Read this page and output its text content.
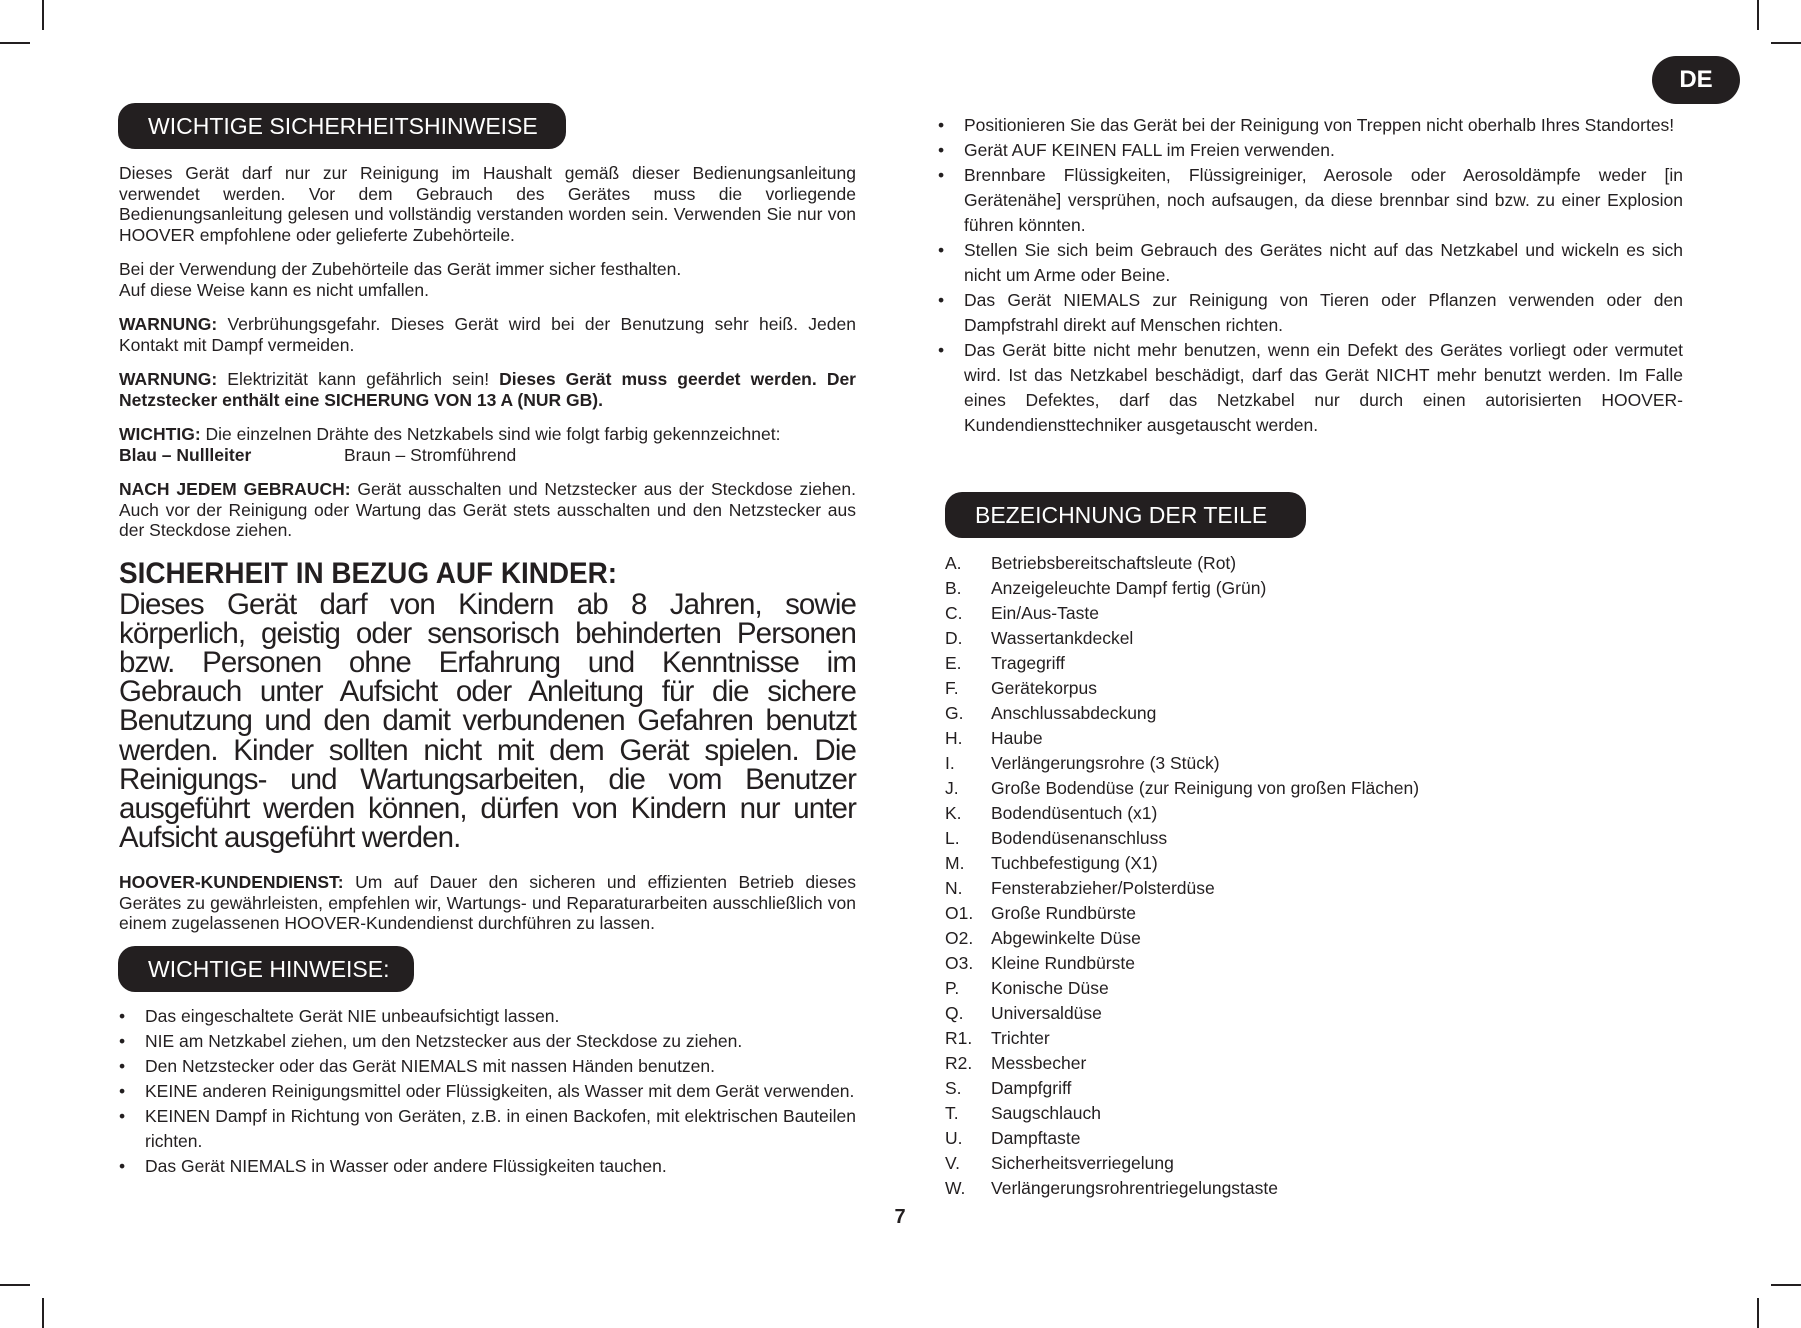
DE
WICHTIGE SICHERHEITSHINWEISE

Dieses Gerät darf nur zur Reinigung im Haushalt gemäß dieser Bedienungsanleitung verwendet werden. Vor dem Gebrauch des Gerätes muss die vorliegende Bedienungsanleitung gelesen und vollständig verstanden worden sein. Verwenden Sie nur von HOOVER empfohlene oder gelieferte Zubehörteile.

Bei der Verwendung der Zubehörteile das Gerät immer sicher festhalten.
Auf diese Weise kann es nicht umfallen.

WARNUNG: Verbrühungsgefahr. Dieses Gerät wird bei der Benutzung sehr heiß. Jeden Kontakt mit Dampf vermeiden.

WARNUNG: Elektrizität kann gefährlich sein! Dieses Gerät muss geerdet werden. Der Netzstecker enthält eine SICHERUNG VON 13 A (NUR GB).

WICHTIG: Die einzelnen Drähte des Netzkabels sind wie folgt farbig gekennzeichnet:
Blau – Nullleiter	Braun – Stromführend

NACH JEDEM GEBRAUCH: Gerät ausschalten und Netzstecker aus der Steckdose ziehen. Auch vor der Reinigung oder Wartung das Gerät stets ausschalten und den Netzstecker aus der Steckdose ziehen.

SICHERHEIT IN BEZUG AUF KINDER:

Dieses Gerät darf von Kindern ab 8 Jahren, sowie körperlich, geistig oder sensorisch behinderten Personen bzw. Personen ohne Erfahrung und Kenntnisse im Gebrauch unter Aufsicht oder Anleitung für die sichere Benutzung und den damit verbundenen Gefahren benutzt werden. Kinder sollten nicht mit dem Gerät spielen. Die Reinigungs- und Wartungsarbeiten, die vom Benutzer ausgeführt werden können, dürfen von Kindern nur unter Aufsicht ausgeführt werden.

HOOVER-KUNDENDIENST: Um auf Dauer den sicheren und effizienten Betrieb dieses Gerätes zu gewährleisten, empfehlen wir, Wartungs- und Reparaturarbeiten ausschließlich von einem zugelassenen HOOVER-Kundendienst durchführen zu lassen.

WICHTIGE HINWEISE:
• Das eingeschaltete Gerät NIE unbeaufsichtigt lassen.
• NIE am Netzkabel ziehen, um den Netzstecker aus der Steckdose zu ziehen.
• Den Netzstecker oder das Gerät NIEMALS mit nassen Händen benutzen.
• KEINE anderen Reinigungsmittel oder Flüssigkeiten, als Wasser mit dem Gerät verwenden.
• KEINEN Dampf in Richtung von Geräten, z.B. in einen Backofen, mit elektrischen Bauteilen richten.
• Das Gerät NIEMALS in Wasser oder andere Flüssigkeiten tauchen.
7
• Positionieren Sie das Gerät bei der Reinigung von Treppen nicht oberhalb Ihres Standortes!
• Gerät AUF KEINEN FALL im Freien verwenden.
• Brennbare Flüssigkeiten, Flüssigreiniger, Aerosole oder Aerosoldämpfe weder [in Gerätenähe] versprühen, noch aufsaugen, da diese brennbar sind bzw. zu einer Explosion führen könnten.
• Stellen Sie sich beim Gebrauch des Gerätes nicht auf das Netzkabel und wickeln es sich nicht um Arme oder Beine.
• Das Gerät NIEMALS zur Reinigung von Tieren oder Pflanzen verwenden oder den Dampfstrahl direkt auf Menschen richten.
• Das Gerät bitte nicht mehr benutzen, wenn ein Defekt des Gerätes vorliegt oder vermutet wird. Ist das Netzkabel beschädigt, darf das Gerät NICHT mehr benutzt werden. Im Falle eines Defektes, darf das Netzkabel nur durch einen autorisierten HOOVER-Kundendiensttechniker ausgetauscht werden.
BEZEICHNUNG DER TEILE
A. Betriebsbereitschaftsleute (Rot)
B. Anzeigeleuchte Dampf fertig (Grün)
C. Ein/Aus-Taste
D. Wassertankdeckel
E. Tragegriff
F. Gerätekorpus
G. Anschlussabdeckung
H. Haube
I. Verlängerungsrohre (3 Stück)
J. Große Bodendüse (zur Reinigung von großen Flächen)
K. Bodendüsentuch (x1)
L. Bodendüsenanschluss
M. Tuchbefestigung (X1)
N. Fensterabzieher/Polsterdüse
O1. Große Rundbürste
O2. Abgewinkelte Düse
O3. Kleine Rundbürste
P. Konische Düse
Q. Universaldüse
R1. Trichter
R2. Messbecher
S. Dampfgriff
T. Saugschlauch
U. Dampftaste
V. Sicherheitsverriegelung
W. Verlängerungsrohrentriegelungstaste
